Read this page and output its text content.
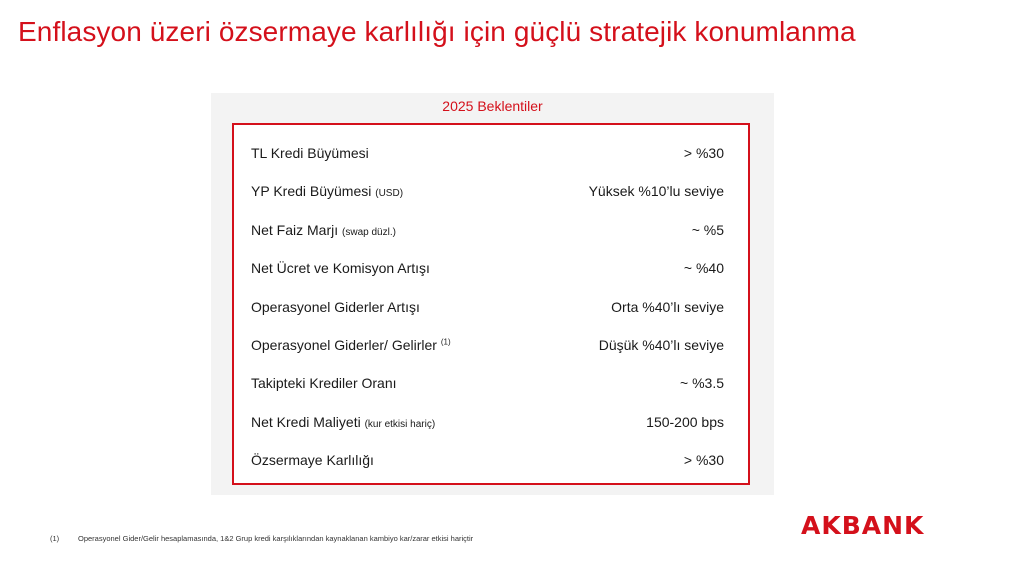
Enflasyon üzeri özsermaye karlılığı için güçlü stratejik konumlanma
2025 Beklentiler
TL Kredi Büyümesi	> %30
YP Kredi Büyümesi (USD)	Yüksek %10’lu seviye
Net Faiz Marjı (swap düzl.)	~ %5
Net Ücret ve Komisyon Artışı	~ %40
Operasyonel Giderler Artışı	Orta %40’lı seviye
Operasyonel Giderler/ Gelirler $^{(1)}$	Düşük %40’lı seviye
Takipteki Krediler Oranı	~ %3.5
Net Kredi Maliyeti (kur etkisi hariç)	150-200 bps
Özsermaye Karlılığı	> %30
(1)	Operasyonel Gider/Gelir hesaplamasında, 1&2 Grup kredi karşılıklarından kaynaklanan kambiyo kar/zarar etkisi hariçtir	AKBANK
